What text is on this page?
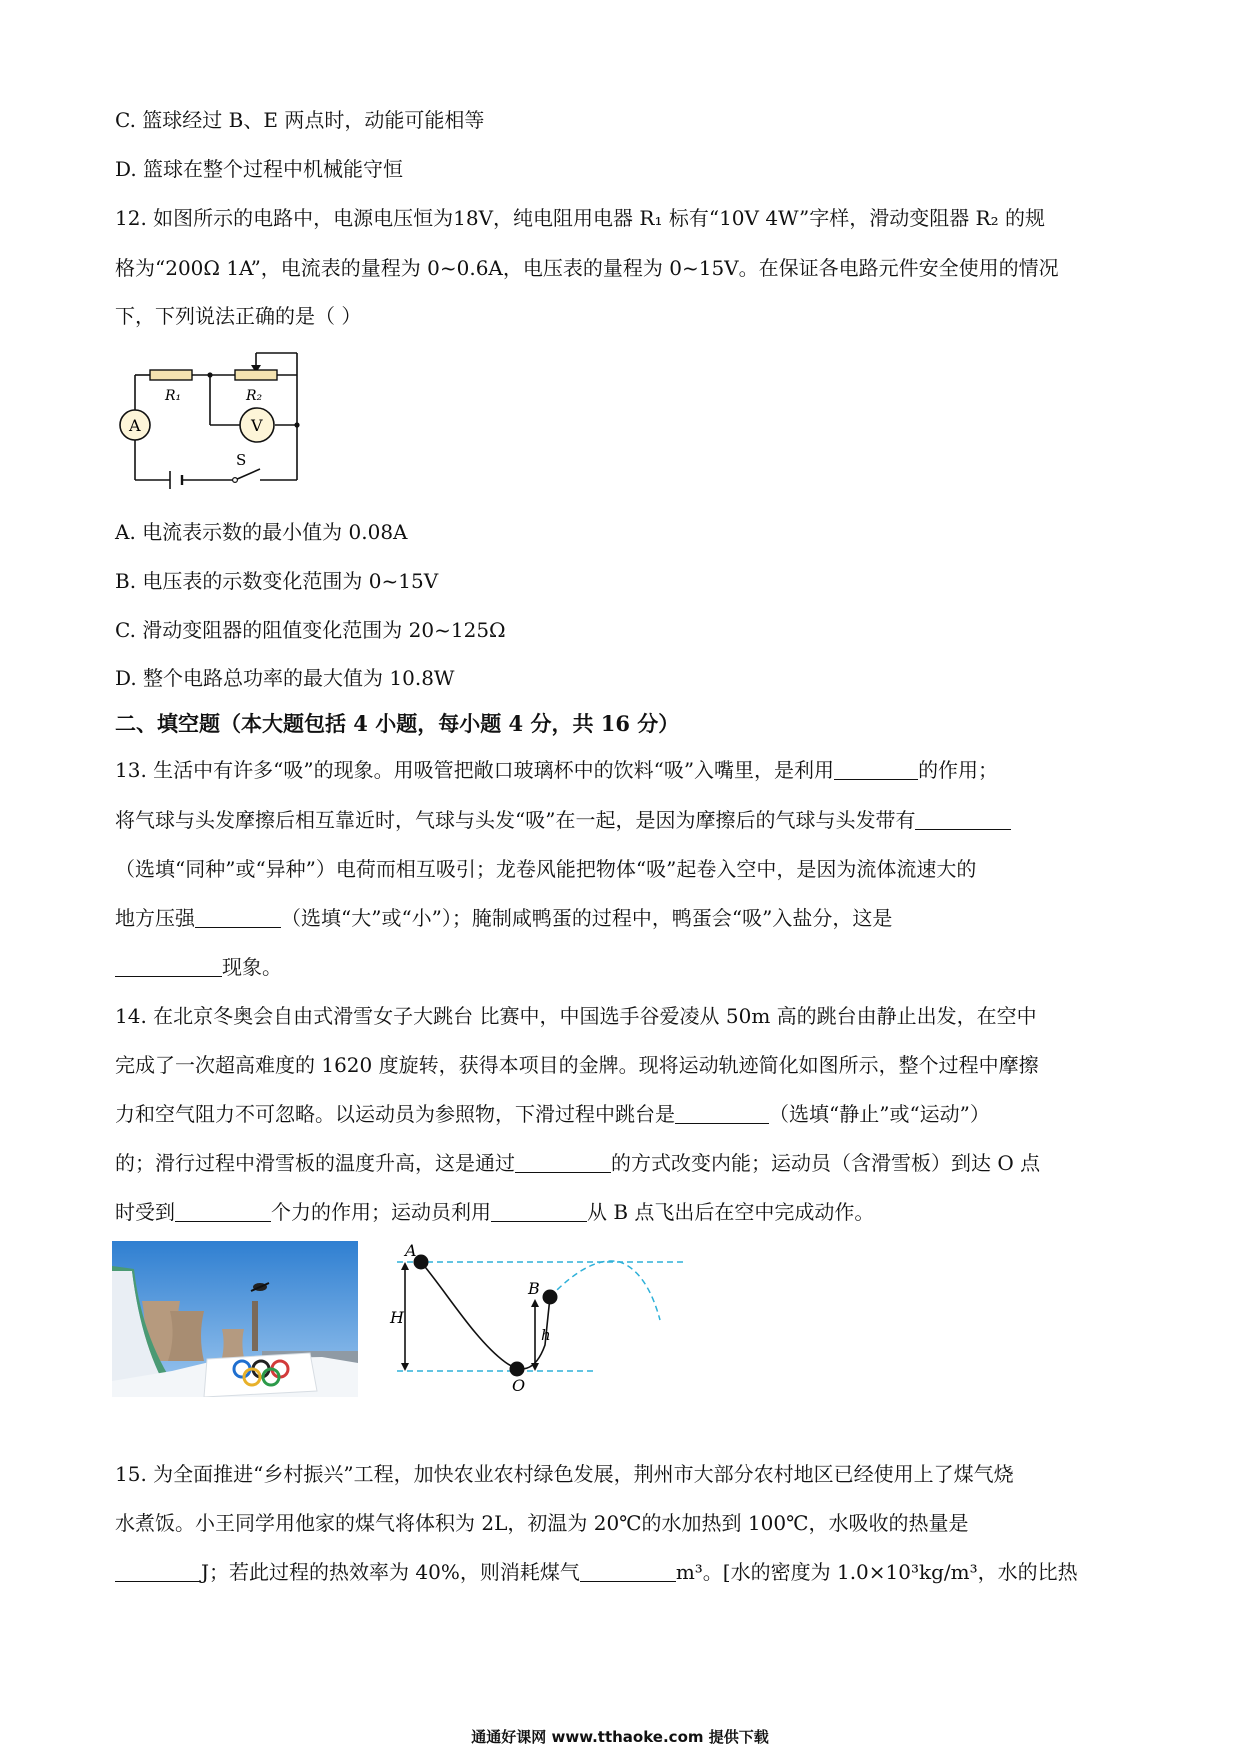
C. 篮球经过 B、E 两点时，动能可能相等
D. 篮球在整个过程中机械能守恒
12. 如图所示的电路中，电源电压恒为18V，纯电阻用电器 R₁ 标有“10V 4W”字样，滑动变阻器 R₂ 的规
格为“200Ω 1A”，电流表的量程为 0~0.6A，电压表的量程为 0~15V。在保证各电路元件安全使用的情况
下，下列说法正确的是（ ）
R₁	R₂
A	V
S
A. 电流表示数的最小值为 0.08A
B. 电压表的示数变化范围为 0~15V
C. 滑动变阻器的阻值变化范围为 20~125Ω
D. 整个电路总功率的最大值为 10.8W
二、填空题（本大题包括 4 小题，每小题 4 分，共 16 分）
13. 生活中有许多“吸”的现象。用吸管把敞口玻璃杯中的饮料“吸”入嘴里，是利用	的作用；
将气球与头发摩擦后相互靠近时，气球与头发“吸”在一起，是因为摩擦后的气球与头发带有
（选填“同种”或“异种”）电荷而相互吸引；龙卷风能把物体“吸”起卷入空中，是因为流体流速大的
地方压强	（选填“大”或“小”）；腌制咸鸭蛋的过程中，鸭蛋会“吸”入盐分，这是
现象。
14. 在北京冬奥会自由式滑雪女子大跳台 比赛中，中国选手谷爱凌从 50m 高的跳台由静止出发，在空中
完成了一次超高难度的 1620 度旋转，获得本项目的金牌。现将运动轨迹简化如图所示，整个过程中摩擦
力和空气阻力不可忽略。以运动员为参照物，下滑过程中跳台是	（选填“静止”或“运动”）
的；滑行过程中滑雪板的温度升高，这是通过	的方式改变内能；运动员（含滑雪板）到达 O 点
时受到	个力的作用；运动员利用	从 B 点飞出后在空中完成动作。
A
B
O
H
h
15. 为全面推进“乡村振兴”工程，加快农业农村绿色发展，荆州市大部分农村地区已经使用上了煤气烧
水煮饭。小王同学用他家的煤气将体积为 2L，初温为 20℃的水加热到 100℃，水吸收的热量是
J；若此过程的热效率为 40%，则消耗煤气	m³。[水的密度为 1.0×10³kg/m³，水的比热
通通好课网 www.tthaoke.com 提供下载
